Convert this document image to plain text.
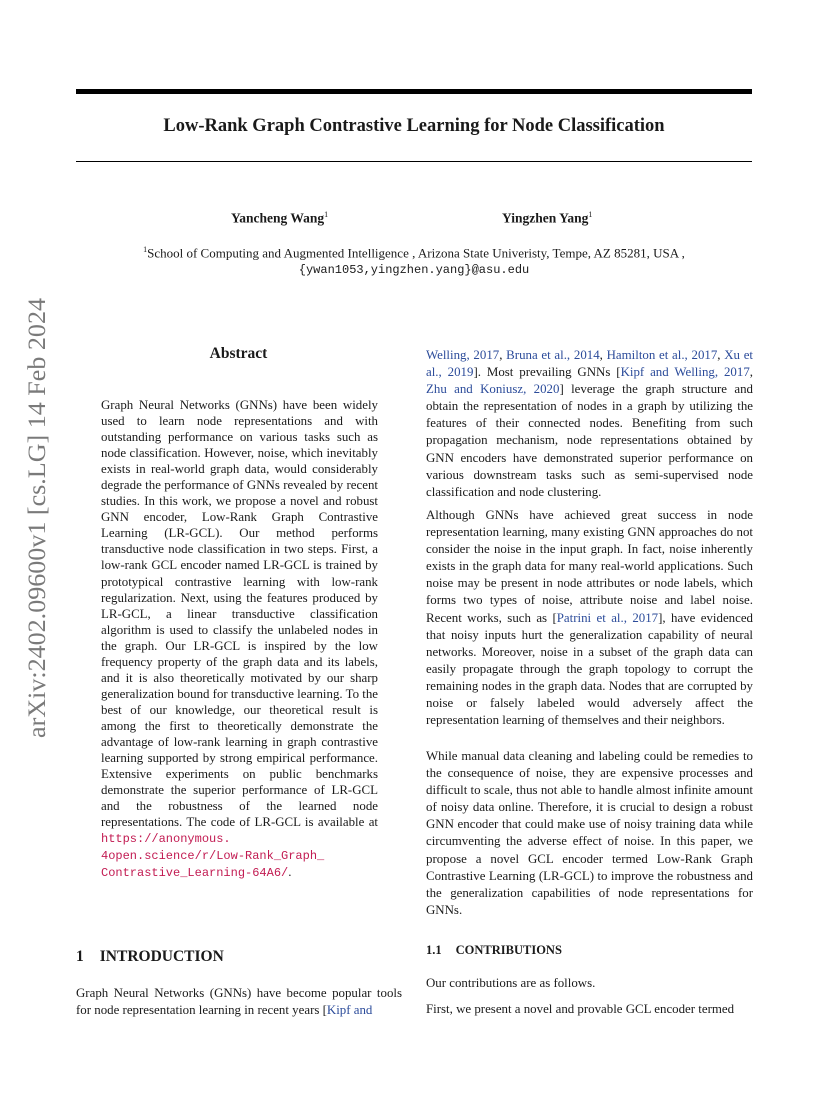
Low-Rank Graph Contrastive Learning for Node Classification
Yancheng Wang$^1$	Yingzhen Yang$^1$
$^1$School of Computing and Augmented Intelligence , Arizona State Univeristy, Tempe, AZ 85281, USA ,
{ywan1053,yingzhen.yang}@asu.edu
arXiv:2402.09600v1 [cs.LG] 14 Feb 2024	Abstract
Graph Neural Networks (GNNs) have been widely used to learn node representations and with outstanding performance on various tasks such as node classification. However, noise, which inevitably exists in real-world graph data, would considerably degrade the performance of GNNs revealed by recent studies. In this work, we propose a novel and robust GNN encoder, Low-Rank Graph Contrastive Learning (LR-GCL). Our method performs transductive node classification in two steps. First, a low-rank GCL encoder named LR-GCL is trained by prototypical contrastive learning with low-rank regularization. Next, using the features produced by LR-GCL, a linear transductive classification algorithm is used to classify the unlabeled nodes in the graph. Our LR-GCL is inspired by the low frequency property of the graph data and its labels, and it is also theoretically motivated by our sharp generalization bound for transductive learning. To the best of our knowledge, our theoretical result is among the first to theoretically demonstrate the advantage of low-rank learning in graph contrastive learning supported by strong empirical performance. Extensive experiments on public benchmarks demonstrate the superior performance of LR-GCL and the robustness of the learned node representations. The code of LR-GCL is available at https://anonymous.
4open.science/r/Low-Rank_Graph_
Contrastive_Learning-64A6/.
1 INTRODUCTION
Graph Neural Networks (GNNs) have become popular tools for node representation learning in recent years [Kipf and
Welling, 2017, Bruna et al., 2014, Hamilton et al., 2017, Xu et al., 2019]. Most prevailing GNNs [Kipf and Welling, 2017, Zhu and Koniusz, 2020] leverage the graph structure and obtain the representation of nodes in a graph by utilizing the features of their connected nodes. Benefiting from such propagation mechanism, node representations obtained by GNN encoders have demonstrated superior performance on various downstream tasks such as semi-supervised node classification and node clustering.
Although GNNs have achieved great success in node representation learning, many existing GNN approaches do not consider the noise in the input graph. In fact, noise inherently exists in the graph data for many real-world applications. Such noise may be present in node attributes or node labels, which forms two types of noise, attribute noise and label noise. Recent works, such as [Patrini et al., 2017], have evidenced that noisy inputs hurt the generalization capability of neural networks. Moreover, noise in a subset of the graph data can easily propagate through the graph topology to corrupt the remaining nodes in the graph data. Nodes that are corrupted by noise or falsely labeled would adversely affect the representation learning of themselves and their neighbors.
While manual data cleaning and labeling could be remedies to the consequence of noise, they are expensive processes and difficult to scale, thus not able to handle almost infinite amount of noisy data online. Therefore, it is crucial to design a robust GNN encoder that could make use of noisy training data while circumventing the adverse effect of noise. In this paper, we propose a novel GCL encoder termed Low-Rank Graph Contrastive Learning (LR-GCL) to improve the robustness and the generalization capabilities of node representations for GNNs.
1.1 CONTRIBUTIONS
Our contributions are as follows.
First, we present a novel and provable GCL encoder termed
